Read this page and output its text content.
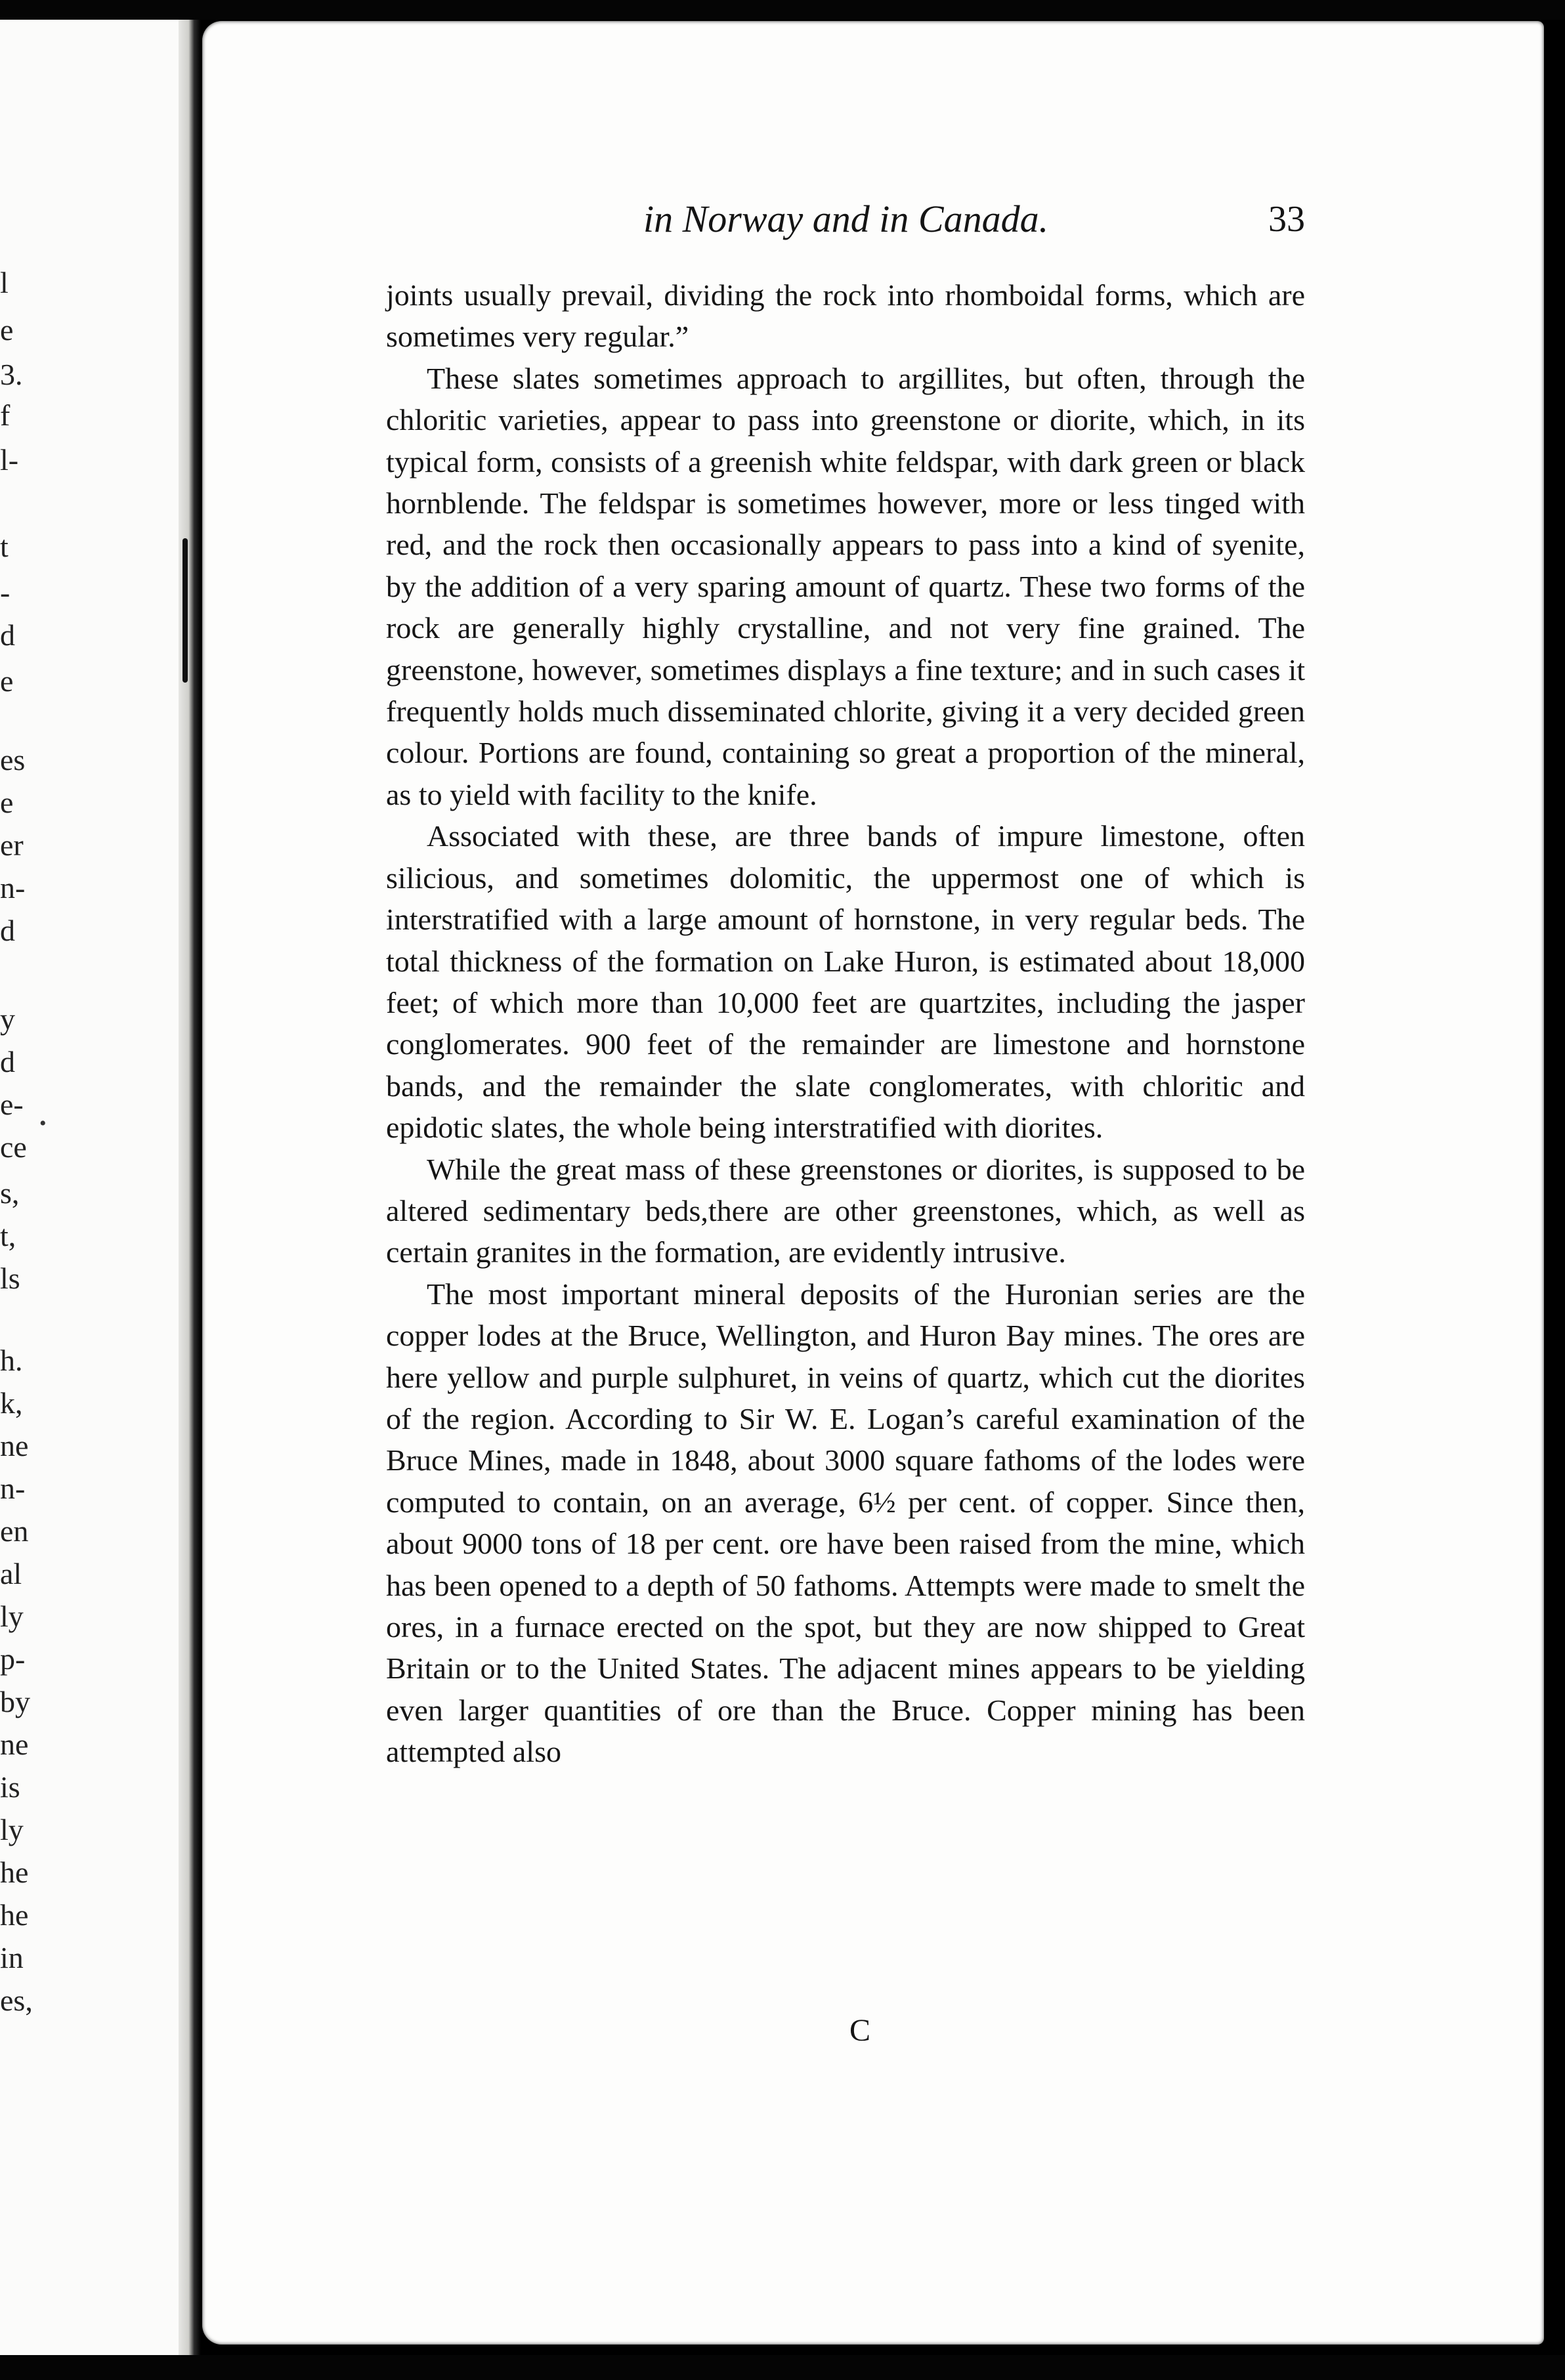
l
e
3.
f
l-
t
-
d
e
es
e
er
n-
d
y
d
e-
ce
s,
t,
ls
h.
k,
ne
n-
en
al
ly
p-
by
ne
is
ly
he
he
in
es,
•
in Norway and in Canada.	33

joints usually prevail, dividing the rock into rhomboidal forms, which are sometimes very regular.”

These slates sometimes approach to argillites, but often, through the chloritic varieties, appear to pass into greenstone or diorite, which, in its typical form, consists of a greenish white feldspar, with dark green or black hornblende. The feldspar is sometimes however, more or less tinged with red, and the rock then occasionally appears to pass into a kind of syenite, by the addition of a very sparing amount of quartz. These two forms of the rock are generally highly crystalline, and not very fine grained. The greenstone, however, sometimes displays a fine texture; and in such cases it frequently holds much disseminated chlorite, giving it a very decided green colour. Portions are found, containing so great a proportion of the mineral, as to yield with facility to the knife.

Associated with these, are three bands of impure limestone, often silicious, and sometimes dolomitic, the uppermost one of which is interstratified with a large amount of hornstone, in very regular beds. The total thickness of the formation on Lake Huron, is estimated about 18,000 feet; of which more than 10,000 feet are quartzites, including the jasper conglomerates. 900 feet of the remainder are limestone and hornstone bands, and the remainder the slate conglomerates, with chloritic and epidotic slates, the whole being interstratified with diorites.

While the great mass of these greenstones or diorites, is supposed to be altered sedimentary beds,there are other greenstones, which, as well as certain granites in the formation, are evidently intrusive.

The most important mineral deposits of the Huronian series are the copper lodes at the Bruce, Wellington, and Huron Bay mines. The ores are here yellow and purple sulphuret, in veins of quartz, which cut the diorites of the region. According to Sir W. E. Logan’s careful examination of the Bruce Mines, made in 1848, about 3000 square fathoms of the lodes were computed to contain, on an average, 6½ per cent. of copper. Since then, about 9000 tons of 18 per cent. ore have been raised from the mine, which has been opened to a depth of 50 fathoms. Attempts were made to smelt the ores, in a furnace erected on the spot, but they are now shipped to Great Britain or to the United States. The adjacent mines appears to be yielding even larger quantities of ore than the Bruce. Copper mining has been attempted also

C
